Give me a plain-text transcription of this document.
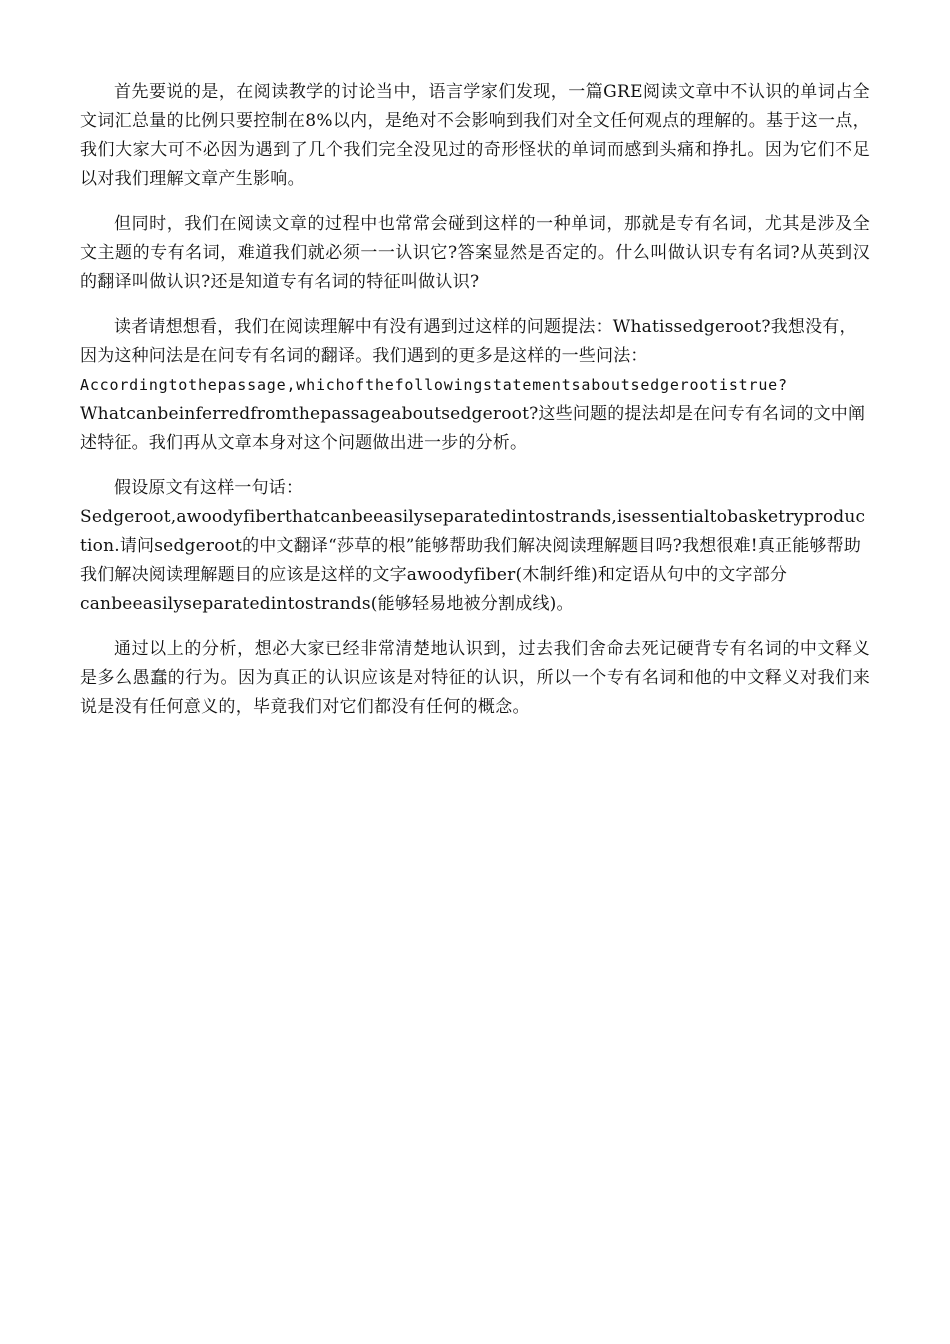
首先要说的是，在阅读教学的讨论当中，语言学家们发现，一篇GRE阅读文章中不认识的单词占全文词汇总量的比例只要控制在8%以内，是绝对不会影响到我们对全文任何观点的理解的。基于这一点，我们大家大可不必因为遇到了几个我们完全没见过的奇形怪状的单词而感到头痛和挣扎。因为它们不足以对我们理解文章产生影响。

但同时，我们在阅读文章的过程中也常常会碰到这样的一种单词，那就是专有名词，尤其是涉及全文主题的专有名词，难道我们就必须一一认识它?答案显然是否定的。什么叫做认识专有名词?从英到汉的翻译叫做认识?还是知道专有名词的特征叫做认识?

读者请想想看，我们在阅读理解中有没有遇到过这样的问题提法：Whatissedgeroot?我想没有，因为这种问法是在问专有名词的翻译。我们遇到的更多是这样的一些问法：

Accordingtothepassage,whichofthefollowingstatementsaboutsedgerootistrue?

Whatcanbeinferredfromthepassageaboutsedgeroot?这些问题的提法却是在问专有名词的文中阐述特征。我们再从文章本身对这个问题做出进一步的分析。

假设原文有这样一句话：

Sedgeroot,awoodyfiberthatcanbeeasilyseparatedintostrands,isessentialtobasketryproduction.请问sedgeroot的中文翻译“莎草的根”能够帮助我们解决阅读理解题目吗?我想很难!真正能够帮助我们解决阅读理解题目的应该是这样的文字awoodyfiber(木制纤维)和定语从句中的文字部分

canbeeasilyseparatedintostrands(能够轻易地被分割成线)。

通过以上的分析，想必大家已经非常清楚地认识到，过去我们舍命去死记硬背专有名词的中文释义是多么愚蠢的行为。因为真正的认识应该是对特征的认识，所以一个专有名词和他的中文释义对我们来说是没有任何意义的，毕竟我们对它们都没有任何的概念。
